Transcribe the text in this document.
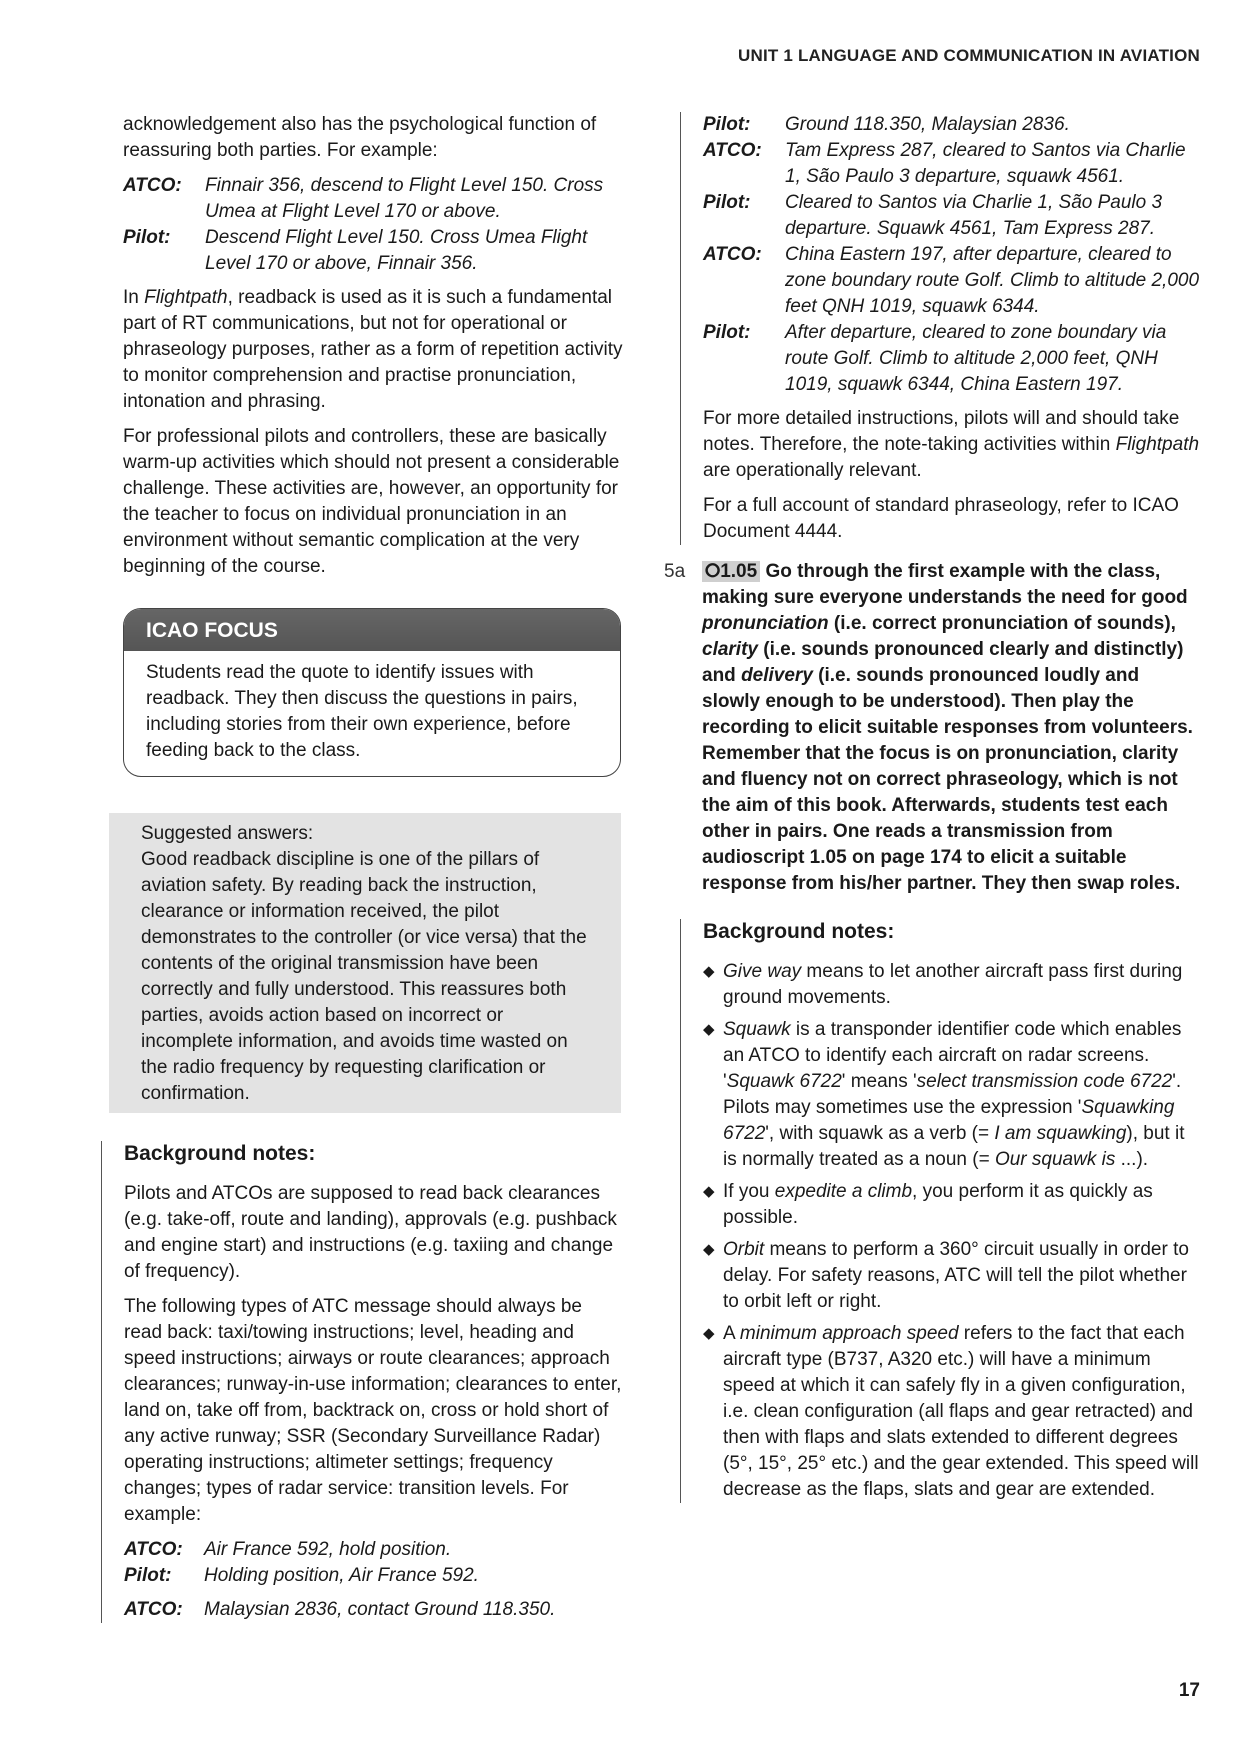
UNIT 1 LANGUAGE AND COMMUNICATION IN AVIATION

acknowledgement also has the psychological function of reassuring both parties. For example:

ATCO:	Finnair 356, descend to Flight Level 150. Cross Umea at Flight Level 170 or above.
Pilot:	Descend Flight Level 150. Cross Umea Flight Level 170 or above, Finnair 356.

In Flightpath, readback is used as it is such a fundamental part of RT communications, but not for operational or phraseology purposes, rather as a form of repetition activity to monitor comprehension and practise pronunciation, intonation and phrasing.

For professional pilots and controllers, these are basically warm-up activities which should not present a considerable challenge. These activities are, however, an opportunity for the teacher to focus on individual pronunciation in an environment without semantic complication at the very beginning of the course.

ICAO FOCUS
Students read the quote to identify issues with readback. They then discuss the questions in pairs, including stories from their own experience, before feeding back to the class.
Suggested answers:
Good readback discipline is one of the pillars of aviation safety. By reading back the instruction, clearance or information received, the pilot demonstrates to the controller (or vice versa) that the contents of the original transmission have been correctly and fully understood. This reassures both parties, avoids action based on incorrect or incomplete information, and avoids time wasted on the radio frequency by requesting clarification or confirmation.
Background notes:

Pilots and ATCOs are supposed to read back clearances (e.g. take-off, route and landing), approvals (e.g. pushback and engine start) and instructions (e.g. taxiing and change of frequency).

The following types of ATC message should always be read back: taxi/towing instructions; level, heading and speed instructions; airways or route clearances; approach clearances; runway-in-use information; clearances to enter, land on, take off from, backtrack on, cross or hold short of any active runway; SSR (Secondary Surveillance Radar) operating instructions; altimeter settings; frequency changes; types of radar service: transition levels. For example:

ATCO:	Air France 592, hold position.
Pilot:	Holding position, Air France 592.
ATCO:	Malaysian 2836, contact Ground 118.350.
Pilot:	Ground 118.350, Malaysian 2836.
ATCO:	Tam Express 287, cleared to Santos via Charlie 1, São Paulo 3 departure, squawk 4561.
Pilot:	Cleared to Santos via Charlie 1, São Paulo 3 departure. Squawk 4561, Tam Express 287.
ATCO:	China Eastern 197, after departure, cleared to zone boundary route Golf. Climb to altitude 2,000 feet QNH 1019, squawk 6344.
Pilot:	After departure, cleared to zone boundary via route Golf. Climb to altitude 2,000 feet, QNH 1019, squawk 6344, China Eastern 197.

For more detailed instructions, pilots will and should take notes. Therefore, the note-taking activities within Flightpath are operationally relevant.

For a full account of standard phraseology, refer to ICAO Document 4444.

5a ⭘1.05 Go through the first example with the class, making sure everyone understands the need for good pronunciation (i.e. correct pronunciation of sounds), clarity (i.e. sounds pronounced clearly and distinctly) and delivery (i.e. sounds pronounced loudly and slowly enough to be understood). Then play the recording to elicit suitable responses from volunteers. Remember that the focus is on pronunciation, clarity and fluency not on correct phraseology, which is not the aim of this book. Afterwards, students test each other in pairs. One reads a transmission from audioscript 1.05 on page 174 to elicit a suitable response from his/her partner. They then swap roles.
Background notes:
◆ Give way means to let another aircraft pass first during ground movements.
◆ Squawk is a transponder identifier code which enables an ATCO to identify each aircraft on radar screens. 'Squawk 6722' means 'select transmission code 6722'. Pilots may sometimes use the expression 'Squawking 6722', with squawk as a verb (= I am squawking), but it is normally treated as a noun (= Our squawk is ...).
◆ If you expedite a climb, you perform it as quickly as possible.
◆ Orbit means to perform a 360° circuit usually in order to delay. For safety reasons, ATC will tell the pilot whether to orbit left or right.
◆ A minimum approach speed refers to the fact that each aircraft type (B737, A320 etc.) will have a minimum speed at which it can safely fly in a given configuration, i.e. clean configuration (all flaps and gear retracted) and then with flaps and slats extended to different degrees (5°, 15°, 25° etc.) and the gear extended. This speed will decrease as the flaps, slats and gear are extended.
17
